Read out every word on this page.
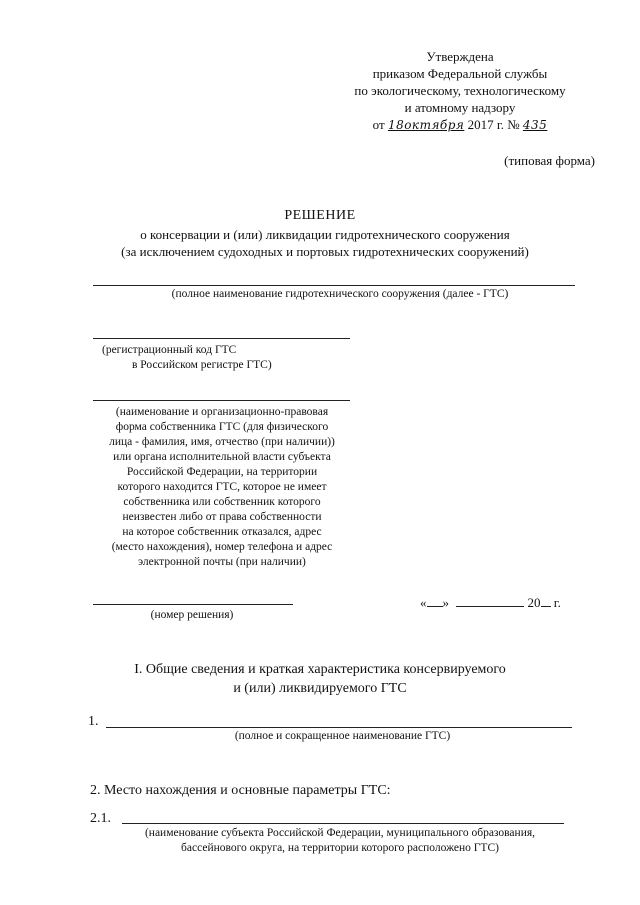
Утверждена
приказом Федеральной службы
по экологическому, технологическому
и атомному надзору
от 18октября 2017 г. № 435
(типовая форма)
РЕШЕНИЕ
о консервации и (или) ликвидации гидротехнического сооружения
(за исключением судоходных и портовых гидротехнических сооружений)
(полное наименование гидротехнического сооружения (далее - ГТС)
(регистрационный код ГТС
в Российском регистре ГТС)
(наименование и организационно-правовая
форма собственника ГТС (для физического
лица - фамилия, имя, отчество (при наличии))
или органа исполнительной власти субъекта
Российской Федерации, на территории
которого находится ГТС, которое не имеет
собственника или собственник которого
неизвестен либо от права собственности
на которое собственник отказался, адрес
(место нахождения), номер телефона и адрес
электронной почты (при наличии)
(номер решения)
« »	20 г.
I. Общие сведения и краткая характеристика консервируемого
и (или) ликвидируемого ГТС
1.
(полное и сокращенное наименование ГТС)
2. Место нахождения и основные параметры ГТС:
2.1.
(наименование субъекта Российской Федерации, муниципального образования,
бассейнового округа, на территории которого расположено ГТС)
